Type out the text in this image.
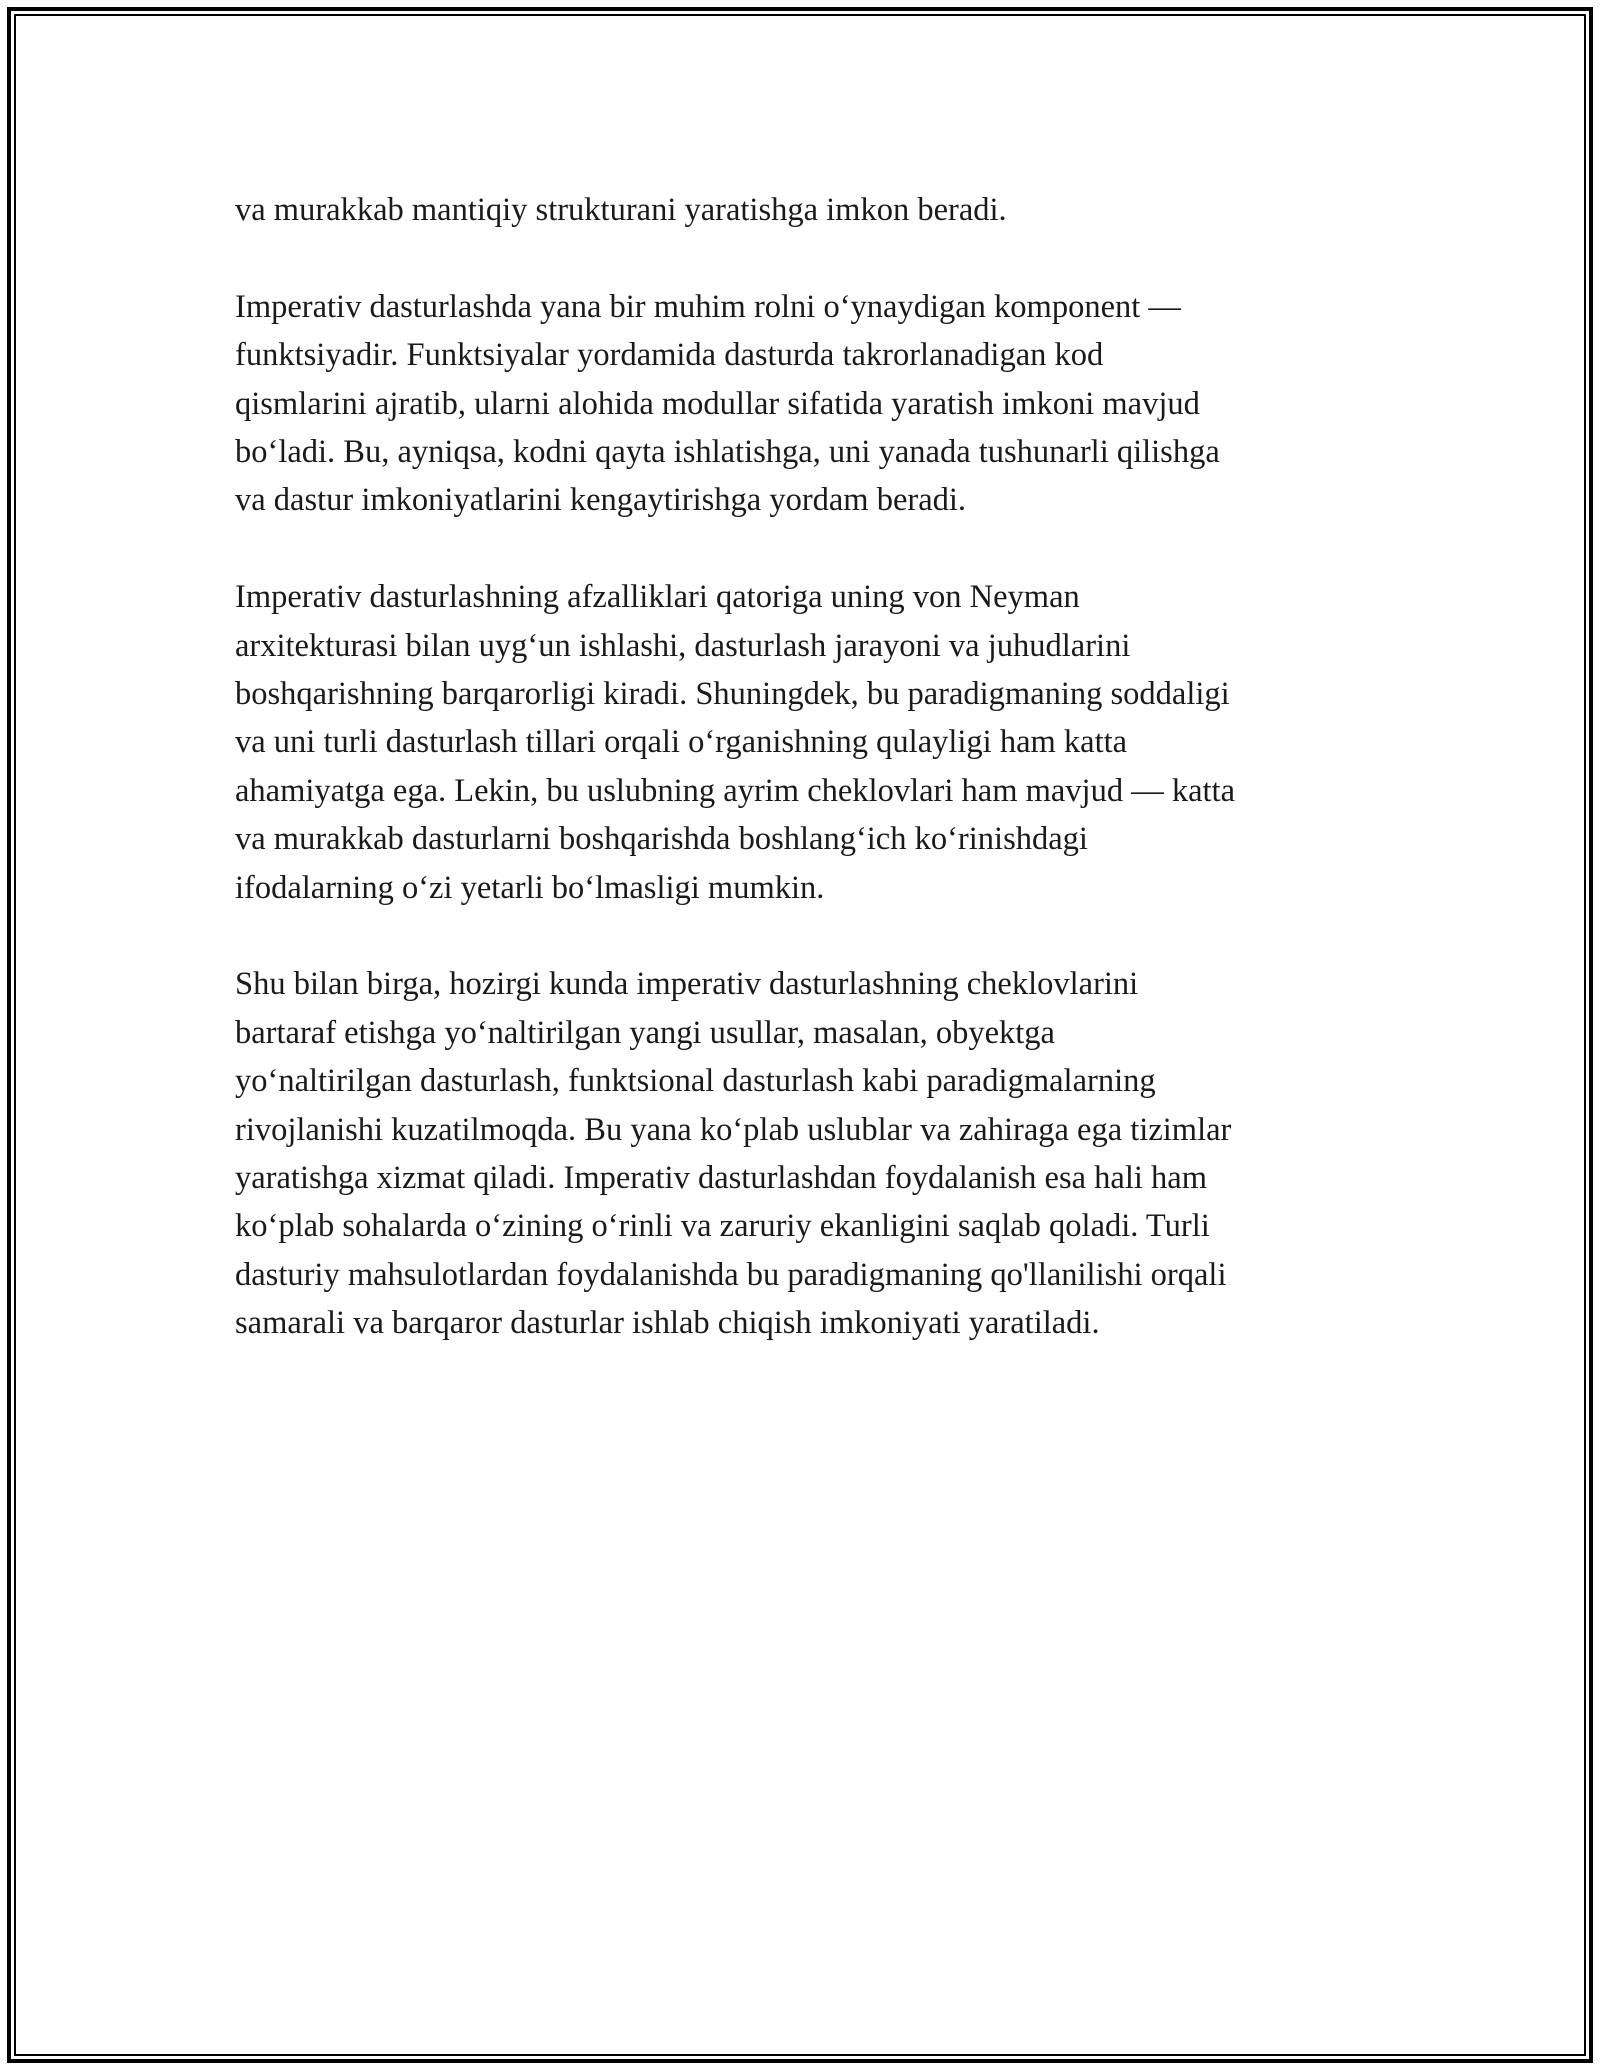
va murakkab mantiqiy strukturani yaratishga imkon beradi.

Imperativ dasturlashda yana bir muhim rolni o‘ynaydigan komponent —
funktsiyadir. Funktsiyalar yordamida dasturda takrorlanadigan kod
qismlarini ajratib, ularni alohida modullar sifatida yaratish imkoni mavjud
bo‘ladi. Bu, ayniqsa, kodni qayta ishlatishga, uni yanada tushunarli qilishga
va dastur imkoniyatlarini kengaytirishga yordam beradi.

Imperativ dasturlashning afzalliklari qatoriga uning von Neyman
arxitekturasi bilan uyg‘un ishlashi, dasturlash jarayoni va juhudlarini
boshqarishning barqarorligi kiradi. Shuningdek, bu paradigmaning soddaligi
va uni turli dasturlash tillari orqali o‘rganishning qulayligi ham katta
ahamiyatga ega. Lekin, bu uslubning ayrim cheklovlari ham mavjud — katta
va murakkab dasturlarni boshqarishda boshlang‘ich ko‘rinishdagi
ifodalarning o‘zi yetarli bo‘lmasligi mumkin.

Shu bilan birga, hozirgi kunda imperativ dasturlashning cheklovlarini
bartaraf etishga yo‘naltirilgan yangi usullar, masalan, obyektga
yo‘naltirilgan dasturlash, funktsional dasturlash kabi paradigmalarning
rivojlanishi kuzatilmoqda. Bu yana ko‘plab uslublar va zahiraga ega tizimlar
yaratishga xizmat qiladi. Imperativ dasturlashdan foydalanish esa hali ham
ko‘plab sohalarda o‘zining o‘rinli va zaruriy ekanligini saqlab qoladi. Turli
dasturiy mahsulotlardan foydalanishda bu paradigmaning qo'llanilishi orqali
samarali va barqaror dasturlar ishlab chiqish imkoniyati yaratiladi.
